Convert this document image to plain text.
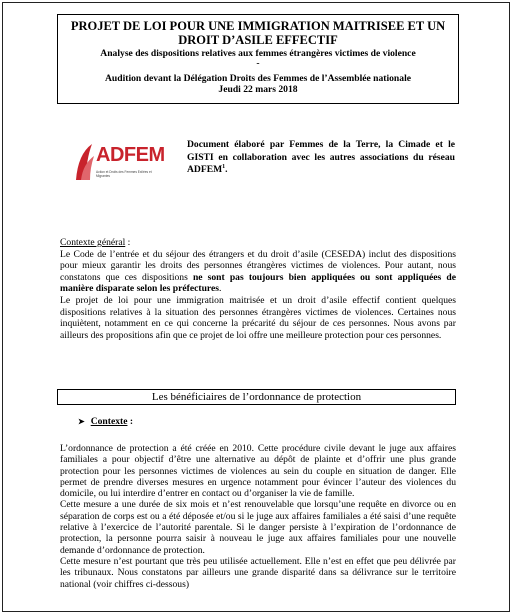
PROJET DE LOI POUR UNE IMMIGRATION MAITRISEE ET UN DROIT D’ASILE EFFECTIF
Analyse des dispositions relatives aux femmes étrangères victimes de violence
-
Audition devant la Délégation Droits des Femmes de l’Assemblée nationale
Jeudi 22 mars 2018
ADFEM
Action et Droits des Femmes Exilées et Migrantes
Document élaboré par Femmes de la Terre, la Cimade et le GISTI en collaboration avec les autres associations du réseau ADFEM$^1$.

Contexte général :

Le Code de l’entrée et du séjour des étrangers et du droit d’asile (CESEDA) inclut des dispositions pour mieux garantir les droits des personnes étrangères victimes de violences. Pour autant, nous constatons que ces dispositions ne sont pas toujours bien appliquées ou sont appliquées de manière disparate selon les préfectures.

Le projet de loi pour une immigration maitrisée et un droit d’asile effectif contient quelques dispositions relatives à la situation des personnes étrangères victimes de violences. Certaines nous inquiètent, notamment en ce qui concerne la précarité du séjour de ces personnes. Nous avons par ailleurs des propositions afin que ce projet de loi offre une meilleure protection pour ces personnes.

Les bénéficiaires de l’ordonnance de protection
➤ Contexte :

L’ordonnance de protection a été créée en 2010. Cette procédure civile devant le juge aux affaires familiales a pour objectif d’être une alternative au dépôt de plainte et d’offrir une plus grande protection pour les personnes victimes de violences au sein du couple en situation de danger. Elle permet de prendre diverses mesures en urgence notamment pour évincer l’auteur des violences du domicile, ou lui interdire d’entrer en contact ou d’organiser la vie de famille.

Cette mesure a une durée de six mois et n’est renouvelable que lorsqu’une requête en divorce ou en séparation de corps est ou a été déposée et/ou si le juge aux affaires familiales a été saisi d’une requête relative à l’exercice de l’autorité parentale. Si le danger persiste à l’expiration de l’ordonnance de protection, la personne pourra saisir à nouveau le juge aux affaires familiales pour une nouvelle demande d’ordonnance de protection.

Cette mesure n’est pourtant que très peu utilisée actuellement. Elle n’est en effet que peu délivrée par les tribunaux. Nous constatons par ailleurs une grande disparité dans sa délivrance sur le territoire national (voir chiffres ci-dessous)
